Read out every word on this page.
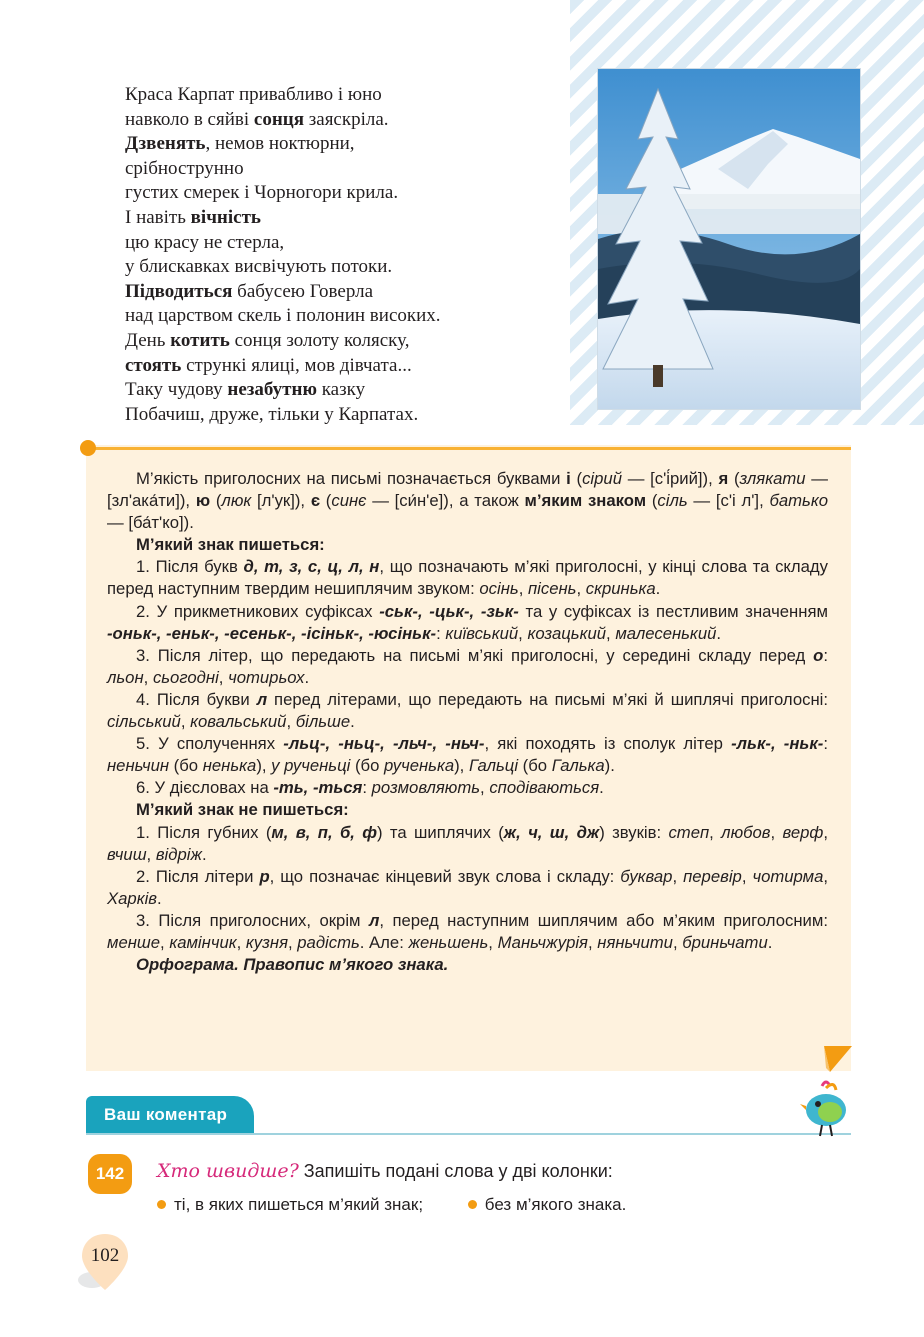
Краса Карпат привабливо і юно
навколо в сяйві сонця заяскріла.
Дзвенять, немов ноктюрни,
срібнострунно
густих смерек і Чорногори крила.
І навіть вічність
цю красу не стерла,
у блискавках висвічують потоки.
Підводиться бабусею Говерла
над царством скель і полонин високих.
День котить сонця золоту коляску,
стоять стрункі ялиці, мов дівчата...
Таку чудову незабутню казку
Побачиш, друже, тільки у Карпатах.

М’якість приголосних на письмі позначається буквами і (сірий — [с'і́рий]), я (злякати — [зл'ака́ти]), ю (люк [л'ук]), є (синє — [си́н'е]), а також м’яким знаком (сіль — [с'і л'], батько — [ба́т'ко]).

М’який знак пишеться:

1. Після букв д, т, з, с, ц, л, н, що позначають м’які приголосні, у кінці слова та складу перед наступним твердим нешиплячим звуком: осінь, пісень, скринька.

2. У прикметникових суфіксах -ськ-, -цьк-, -зьк- та у суфіксах із пестливим значенням -оньк-, -еньк-, -есеньк-, -ісіньк-, -юсіньк-: київський, козацький, малесенький.

3. Після літер, що передають на письмі м’які приголосні, у середині складу перед о: льон, сьогодні, чотирьох.

4. Після букви л перед літерами, що передають на письмі м’які й шиплячі приголосні: сільський, ковальський, більше.

5. У сполученнях -льц-, -ньц-, -льч-, -ньч-, які походять із сполук літер -льк-, -ньк-: неньчин (бо ненька), у рученьці (бо рученька), Гальці (бо Галька).

6. У дієсловах на -ть, -ться: розмовляють, сподіваються.

М’який знак не пишеться:

1. Після губних (м, в, п, б, ф) та шиплячих (ж, ч, ш, дж) звуків: степ, любов, верф, вчиш, відріж.

2. Після літери р, що позначає кінцевий звук слова і складу: буквар, перевір, чотирма, Харків.

3. Після приголосних, окрім л, перед наступним шиплячим або м’яким приголосним: менше, камінчик, кузня, радість. Але: женьшень, Маньчжурія, няньчити, бриньчати.

Орфограма. Правопис м’якого знака.

Ваш коментар
142	Хто швидше? Запишіть подані слова у дві колонки:
ті, в яких пишеться м’який знак;
	без м’якого знака.
102
